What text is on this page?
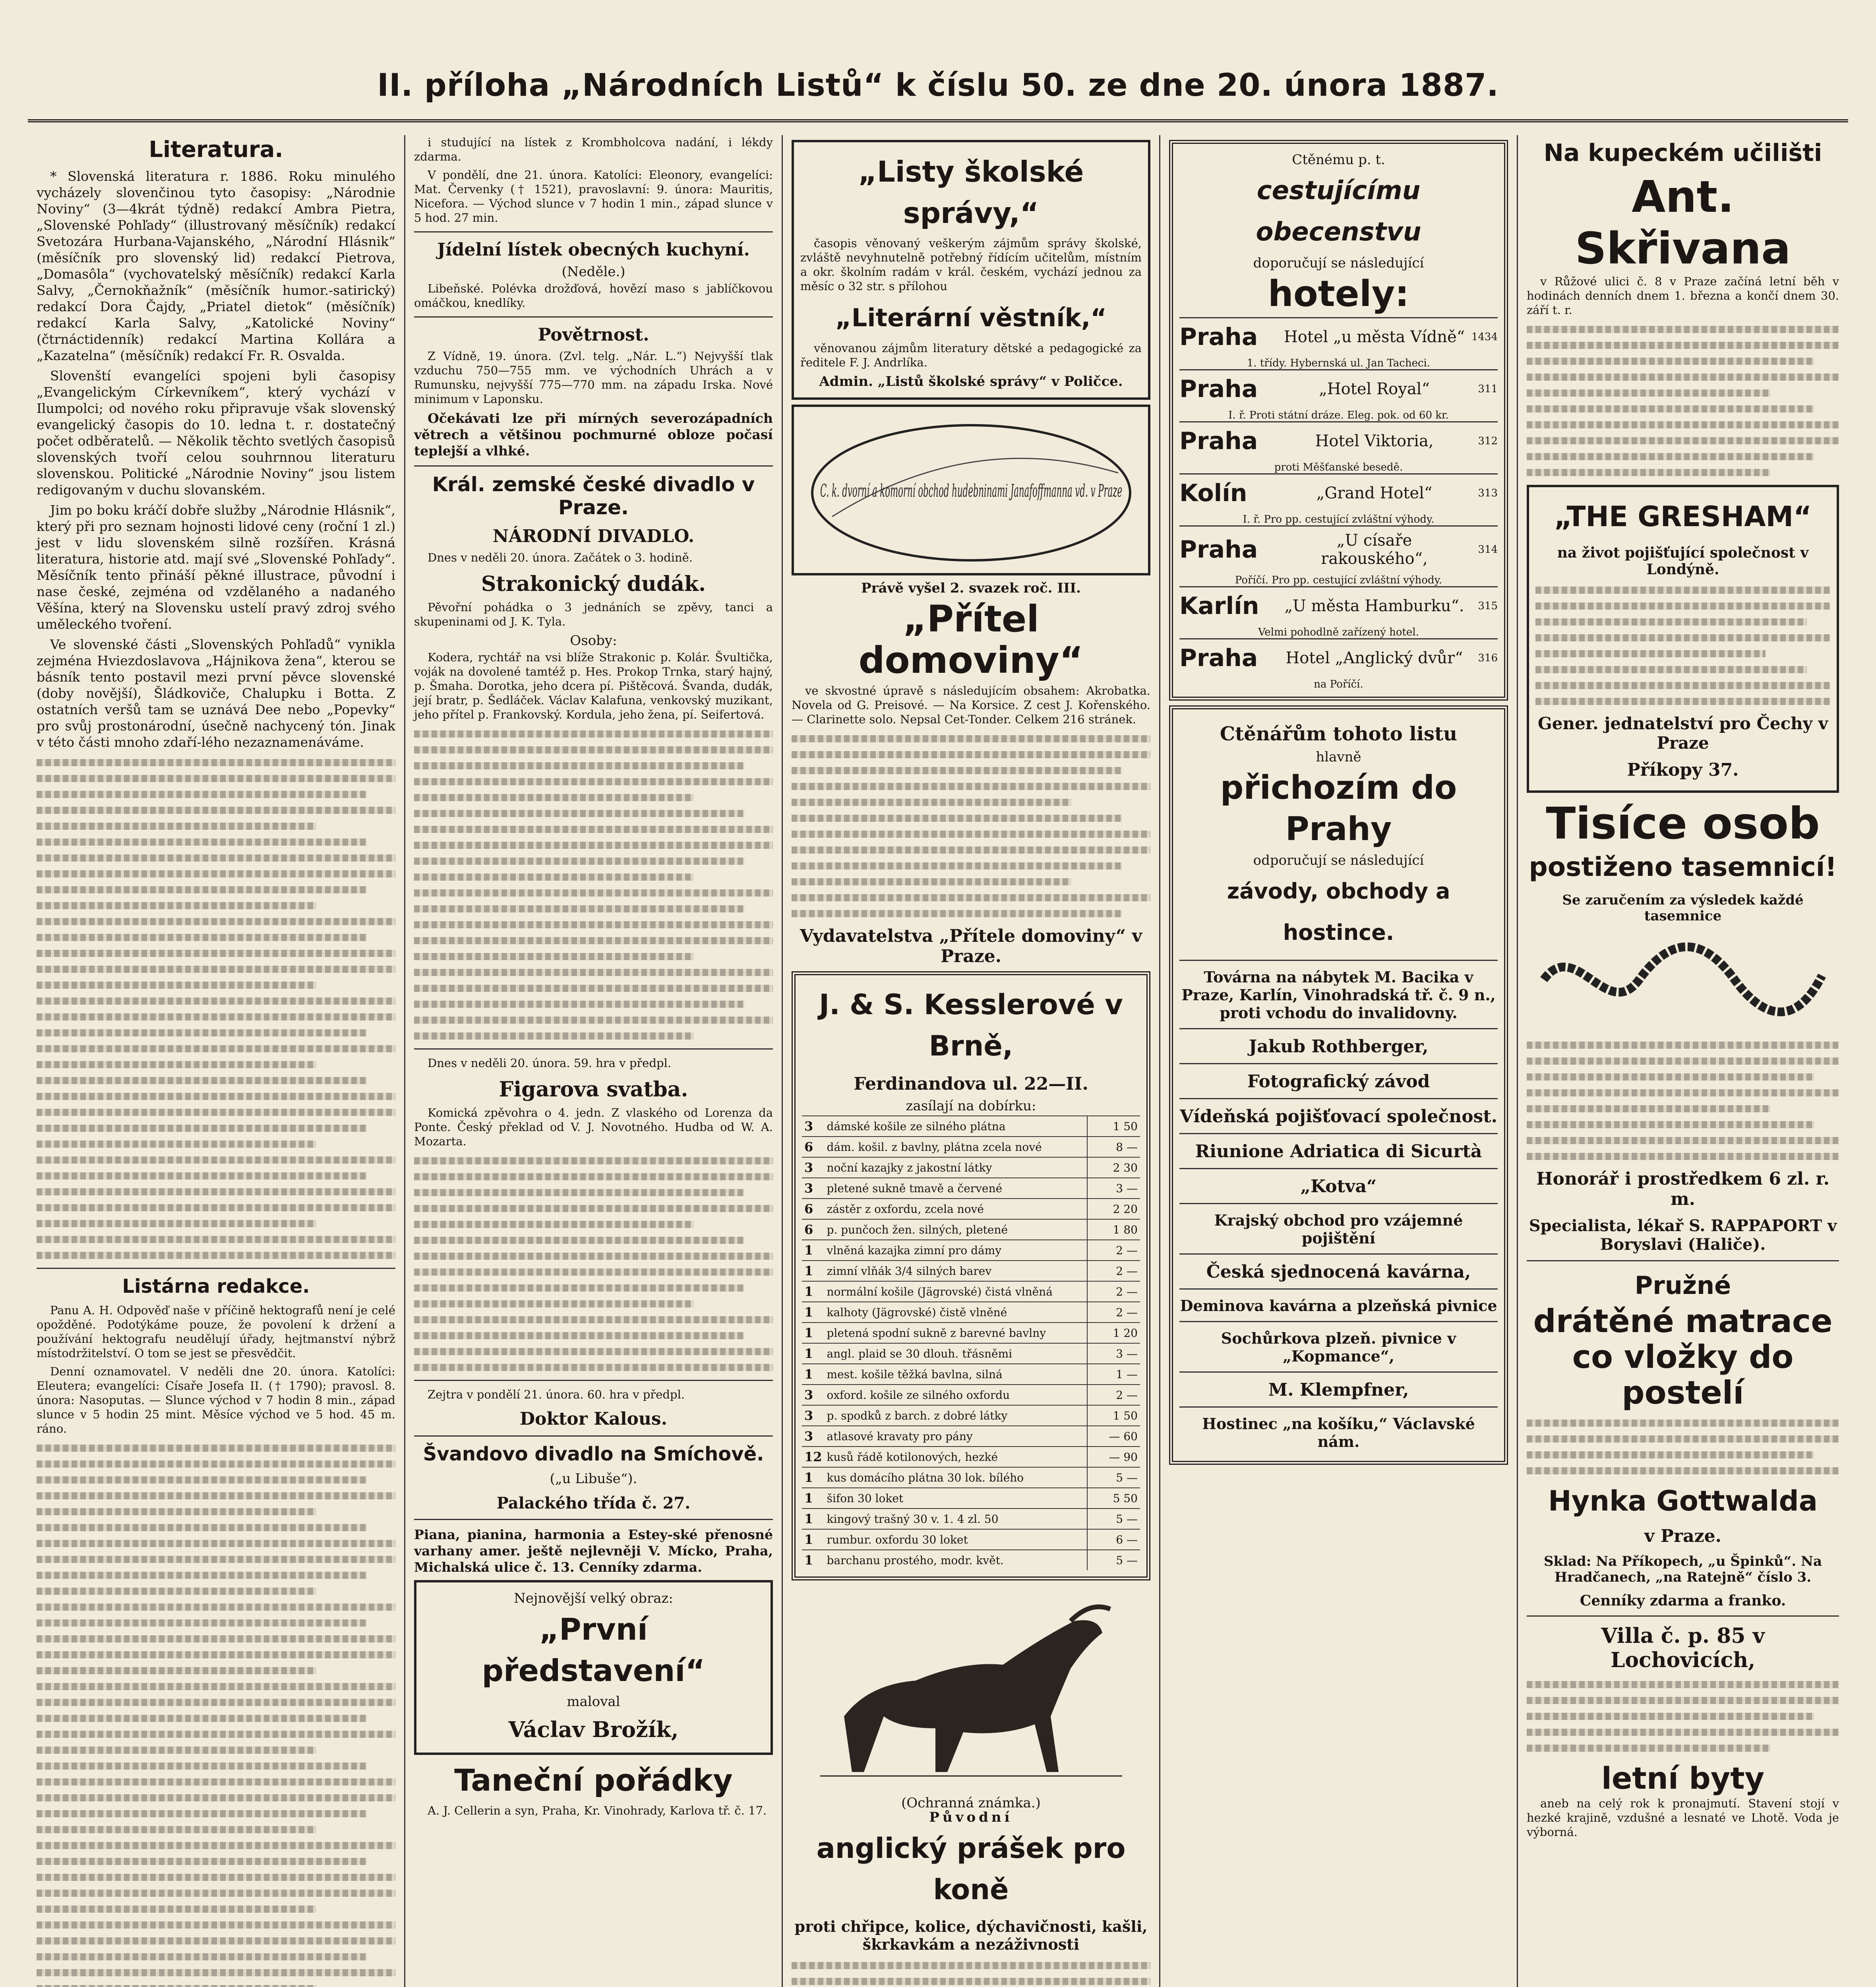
II. příloha „Národních Listů“ k číslu 50. ze dne 20. února 1887.
Literatura.

* Slovenská literatura r. 1886. Roku minulého vycházely slovenčinou tyto časopisy: „Národnie Noviny“ (3—4krát týdně) redakcí Ambra Pietra, „Slovenské Pohľady“ (illustrovaný měsíčník) redakcí Svetozára Hurbana-Vajanského, „Národní Hlásnik“ (měsíčník pro slovenský lid) redakcí Pietrova, „Domasôla“ (vychovatelský měsíčník) redakcí Karla Salvy, „Černokňažník“ (měsíčník humor.-satirický) redakcí Dora Čajdy, „Priatel dietok“ (měsíčník) redakcí Karla Salvy, „Katolické Noviny“ (čtrnáctidenník) redakcí Martina Kollára a „Kazatelna“ (měsíčník) redakcí Fr. R. Osvalda.

Slovenští evangelíci spojeni byli časopisy „Evangelickým Církevníkem“, který vychází v Ilumpolci; od nového roku připravuje však slovenský evangelický časopis do 10. ledna t. r. dostatečný počet odběratelů. — Několik těchto svetlých časopisů slovenských tvoří celou souhrnnou literaturu slovenskou. Politické „Národnie Noviny“ jsou listem redigovaným v duchu slovanském.

Jim po boku kráčí dobře služby „Národnie Hlásnik“, který při pro seznam hojnosti lidové ceny (roční 1 zl.) jest v lidu slovenském silně rozšířen. Krásná literatura, historie atd. mají své „Slovenské Pohľady“. Měsíčník tento přináší pěkné illustrace, původní i nase české, zejména od vzdělaného a nadaného Věšína, který na Slovensku ustelí pravý zdroj svého uměleckého tvoření.

Ve slovenské části „Slovenských Pohľadů“ vynikla zejména Hviezdoslavova „Hájnikova žena“, kterou se básník tento postavil mezi první pěvce slovenské (doby novější), Šládkoviče, Chalupku i Botta. Z ostatních veršů tam se uznává Dee nebo „Popevky“ pro svůj prostonárodní, úsečně nachycený tón. Jinak v této části mnoho zdaří-lého nezaznamenáváme.

Listárna redakce.

Panu A. H. Odpověď naše v příčině hektografů není je celé opožděné. Podotýkáme pouze, že povolení k držení a používání hektografu neudělují úřady, hejtmanství nýbrž místodržitelství. O tom se jest se přesvědčit.

Denní oznamovatel. V neděli dne 20. února. Katolíci: Eleutera; evangelíci: Císaře Josefa II. († 1790); pravosl. 8. února: Nasoputas. — Slunce východ v 7 hodin 8 min., západ slunce v 5 hodin 25 mint. Měsíce východ ve 5 hod. 45 m. ráno.

i studující na lístek z Krombholcova nadání, i lékdy zdarma.

V pondělí, dne 21. února. Katolíci: Eleonory, evangelíci: Mat. Červenky († 1521), pravoslavní: 9. února: Mauritis, Nicefora. — Východ slunce v 7 hodin 1 min., západ slunce v 5 hod. 27 min.

Jídelní lístek obecných kuchyní.
(Neděle.)

Libeňské. Polévka drožďová, hovězí maso s jablíčkovou omáčkou, knedlíky.

Povětrnost.

Z Vídně, 19. února. (Zvl. telg. „Nár. L.“) Nejvyšší tlak vzduchu 750—755 mm. ve východních Uhrách a v Rumunsku, nejvyšší 775—770 mm. na západu Irska. Nové minimum v Laponsku.

Očekávati lze při mírných severozápadních větrech a většinou pochmurné obloze počasí teplejší a vlhké.

Král. zemské české divadlo v Praze.
NÁRODNÍ DIVADLO.

Dnes v neděli 20. února. Začátek o 3. hodině.

Strakonický dudák.

Pěvořní pohádka o 3 jednáních se zpěvy, tanci a skupeninami od J. K. Tyla.

Osoby:

Kodera, rychtář na vsi blíže Strakonic p. Kolár. Švultička, voják na dovolené tamtéž p. Hes. Prokop Trnka, starý hajný, p. Šmaha. Dorotka, jeho dcera pí. Pištěcová. Švanda, dudák, její bratr, p. Šedláček. Václav Kalafuna, venkovský muzikant, jeho přítel p. Frankovský. Kordula, jeho žena, pí. Seifertová.

Dnes v neděli 20. února. 59. hra v předpl.

Figarova svatba.

Komická zpěvohra o 4. jedn. Z vlaského od Lorenza da Ponte. Český překlad od V. J. Novotného. Hudba od W. A. Mozarta.

Zejtra v pondělí 21. února. 60. hra v předpl.

Doktor Kalous.
Švandovo divadlo na Smíchově.
(„u Libuše“).
Palackého třída č. 27.

Piana, pianina, harmonia a Estey-ské přenosné varhany amer. ještě nejlevněji V. Mícko, Praha, Michalská ulice č. 13. Cenníky zdarma.

Nejnovější velký obraz:
„První představení“
maloval
Václav Brožík,
Taneční pořádky

A. J. Cellerin a syn, Praha, Kr. Vinohrady, Karlova tř. č. 17.

„Listy školské správy,“

časopis věnovaný veškerým zájmům správy školské, zvláště nevyhnutelně potřebný řídícím učitelům, místním a okr. školním radám v král. českém, vychází jednou za měsíc o 32 str. s přílohou

„Literární věstník,“

věnovanou zájmům literatury dětské a pedagogické za ředitele F. J. Andrlíka.

Admin. „Listů školské správy“ v Poličce.
C. k. dvorní a komorní obchod hudebninami Janafoffmanna vd. v Praze
Právě vyšel 2. svazek roč. III.
„Přítel domoviny“

ve skvostné úpravě s následujícím obsahem: Akrobatka. Novela od G. Preisové. — Na Korsice. Z cest J. Kořenského. — Clarinette solo. Nepsal Cet-Tonder. Celkem 216 stránek.

Vydavatelstva „Přítele domoviny“ v Praze.
J. & S. Kesslerové v Brně,
Ferdinandova ul. 22—II.
zasílají na dobírku:
3	dámské košile ze silného plátna	1 50
6	dám. košil. z bavlny, plátna zcela nové	8 —
3	noční kazajky z jakostní látky	2 30
3	pletené sukně tmavě a červené	3 —
6	zástěr z oxfordu, zcela nové	2 20
6	p. punčoch žen. silných, pletené	1 80
1	vlněná kazajka zimní pro dámy	2 —
1	zimní vlňák 3/4 silných barev	2 —
1	normální košile (Jägrovské) čistá vlněná	2 —
1	kalhoty (Jägrovské) čistě vlněné	2 —
1	pletená spodní sukně z barevné bavlny	1 20
1	angl. plaid se 30 dlouh. třásněmi	3 —
1	mest. košile těžká bavlna, silná	1 —
3	oxford. košile ze silného oxfordu	2 —
3	p. spodků z barch. z dobré látky	1 50
3	atlasové kravaty pro pány	— 60
12	kusů řádě kotilonových, hezké	— 90
1	kus domácího plátna 30 lok. bílého	5 —
1	šifon 30 loket	5 50
1	kingový trašný 30 v. 1. 4 zl. 50	5 —
1	rumbur. oxfordu 30 loket	6 —
1	barchanu prostého, modr. květ.	5 —
(Ochranná známka.)
Původní
anglický prášek pro koně
proti chřipce, kolice, dýchavičnosti, kašli, škrkavkám a nezáživnosti

Ctěnému p. t.
cestujícímu obecenstvu
doporučují se následující
hotely:
Praha	Hotel „u města Vídně“ 1434
1. třídy. Hybernská ul. Jan Tacheci.
Praha	„Hotel Royal“	311
I. ř. Proti státní dráze. Eleg. pok. od 60 kr.
Praha	Hotel Viktoria,	312
proti Měšťanské besedě.
Kolín	„Grand Hotel“	313
I. ř. Pro pp. cestující zvláštní výhody.
Praha	„U císaře rakouského“,	314
Poříčí. Pro pp. cestující zvláštní výhody.
Karlín	„U města Hamburku“.	315
Velmi pohodlně zařízený hotel.
Praha	Hotel „Anglický dvůr“	316
na Poříčí.
Ctěnářům tohoto listu
hlavně
přichozím do Prahy
odporučují se následující
závody, obchody a hostince.
Továrna na nábytek M. Bacika v Praze, Karlín, Vinohradská tř. č. 9 n., proti vchodu do invalidovny.
Jakub Rothberger,
Fotografický závod
Vídeňská pojišťovací společnost.
Riunione Adriatica di Sicurtà
„Kotva“
Krajský obchod pro vzájemné pojištění
Česká sjednocená kavárna,
Deminova kavárna a plzeňská pivnice
Sochůrkova plzeň. pivnice v „Kopmance“,
M. Klempfner,
Hostinec „na košíku,“ Václavské nám.
Na kupeckém učilišti
Ant. Skřivana

v Růžové ulici č. 8 v Praze začíná letní běh v hodinách denních dnem 1. března a končí dnem 30. září t. r.

„THE GRESHAM“
na život pojišťující společnost v Londýně.
Gener. jednatelství pro Čechy v Praze
Příkopy 37.
Tisíce osob
postiženo tasemnicí!
Se zaručením za výsledek každé tasemnice
Honorář i prostředkem 6 zl. r. m.
Specialista, lékař S. RAPPAPORT v Boryslavi (Haliče).
Pružné
drátěné matrace co vložky do postelí
Hynka Gottwalda
v Praze.
Sklad: Na Příkopech, „u Špinků“. Na Hradčanech, „na Ratejně“ číslo 3.
Cenníky zdarma a franko.
Villa č. p. 85 v Lochovicích,
letní byty

aneb na celý rok k pronajmutí. Stavení stojí v hezké krajině, vzdušné a lesnaté ve Lhotě. Voda je výborná.
